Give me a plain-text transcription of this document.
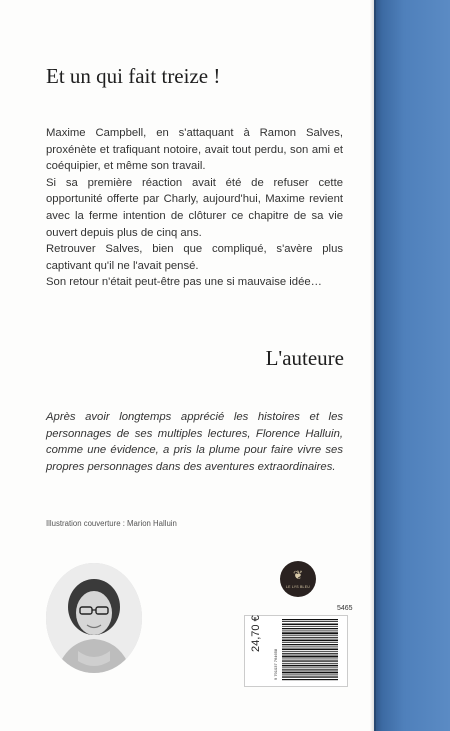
Et un qui fait treize !

Maxime Campbell, en s'attaquant à Ramon Salves, proxénète et trafiquant notoire, avait tout perdu, son ami et coéquipier, et même son travail.

Si sa première réaction avait été de refuser cette opportunité offerte par Charly, aujourd'hui, Maxime revient avec la ferme intention de clôturer ce chapitre de sa vie ouvert depuis plus de cinq ans.

Retrouver Salves, bien que compliqué, s'avère plus captivant qu'il ne l'avait pensé.

Son retour n'était peut-être pas une si mauvaise idée…

L'auteure
Après avoir longtemps apprécié les histoires et les personnages de ses multiples lectures, Florence Halluin, comme une évidence, a pris la plume pour faire vivre ses propres personnages dans des aventures extraordinaires.
Illustration couverture : Marion Halluin
❦
LE LYS BLEU
5465
24,70 €
9 791037 764658
